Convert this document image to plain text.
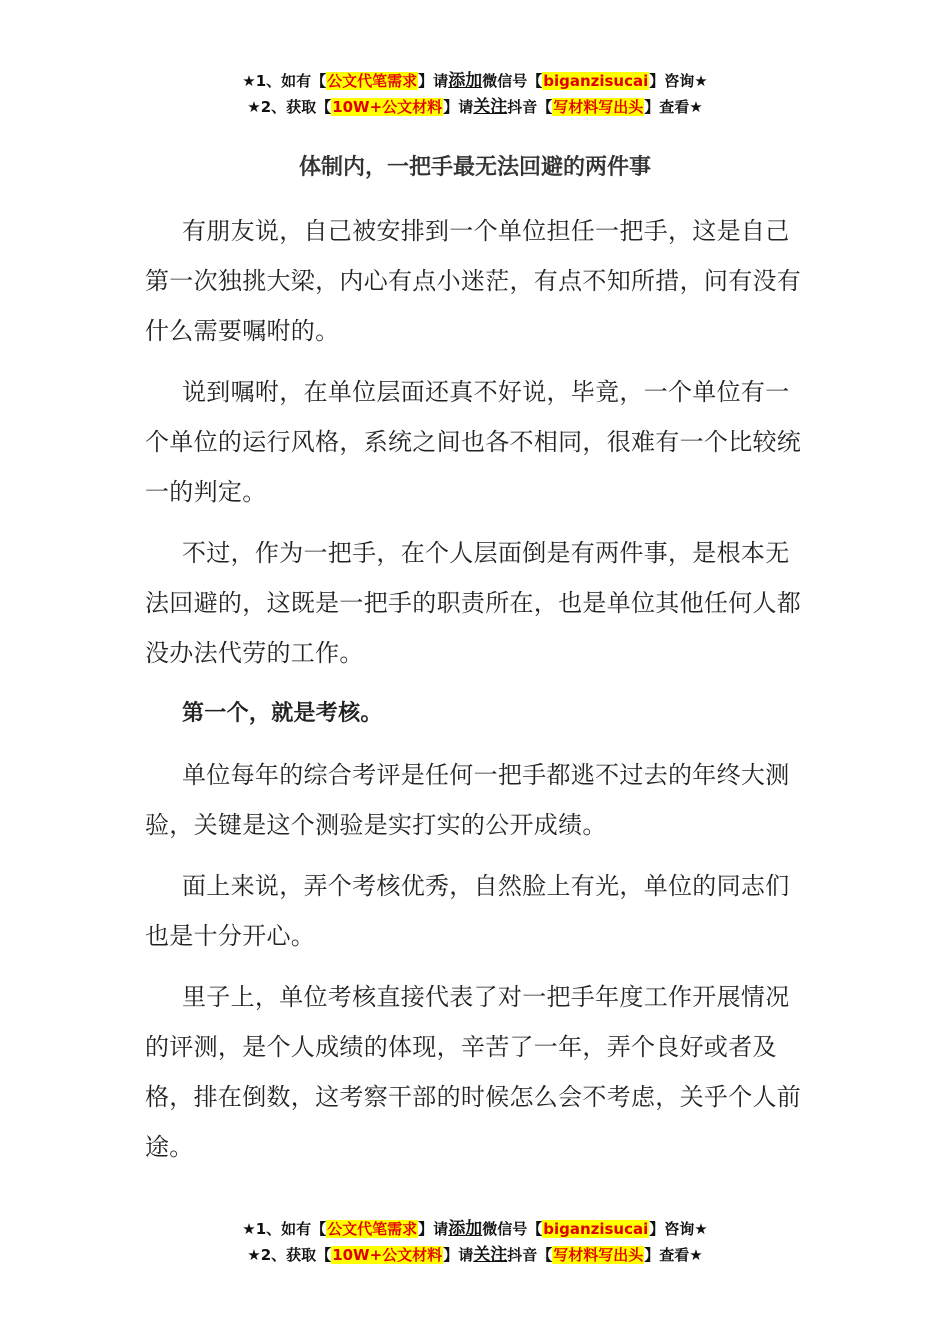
★1、如有【公文代笔需求】请添加微信号【biganzisucai】咨询★
★2、获取【10W+公文材料】请关注抖音【写材料写出头】查看★
体制内，一把手最无法回避的两件事

有朋友说，自己被安排到一个单位担任一把手，这是自己第一次独挑大梁，内心有点小迷茫，有点不知所措，问有没有什么需要嘱咐的。

说到嘱咐，在单位层面还真不好说，毕竟，一个单位有一个单位的运行风格，系统之间也各不相同，很难有一个比较统一的判定。

不过，作为一把手，在个人层面倒是有两件事，是根本无法回避的，这既是一把手的职责所在，也是单位其他任何人都没办法代劳的工作。

第一个，就是考核。

单位每年的综合考评是任何一把手都逃不过去的年终大测验，关键是这个测验是实打实的公开成绩。

面上来说，弄个考核优秀，自然脸上有光，单位的同志们也是十分开心。

里子上，单位考核直接代表了对一把手年度工作开展情况的评测，是个人成绩的体现，辛苦了一年，弄个良好或者及格，排在倒数，这考察干部的时候怎么会不考虑，关乎个人前途。

★1、如有【公文代笔需求】请添加微信号【biganzisucai】咨询★
★2、获取【10W+公文材料】请关注抖音【写材料写出头】查看★
